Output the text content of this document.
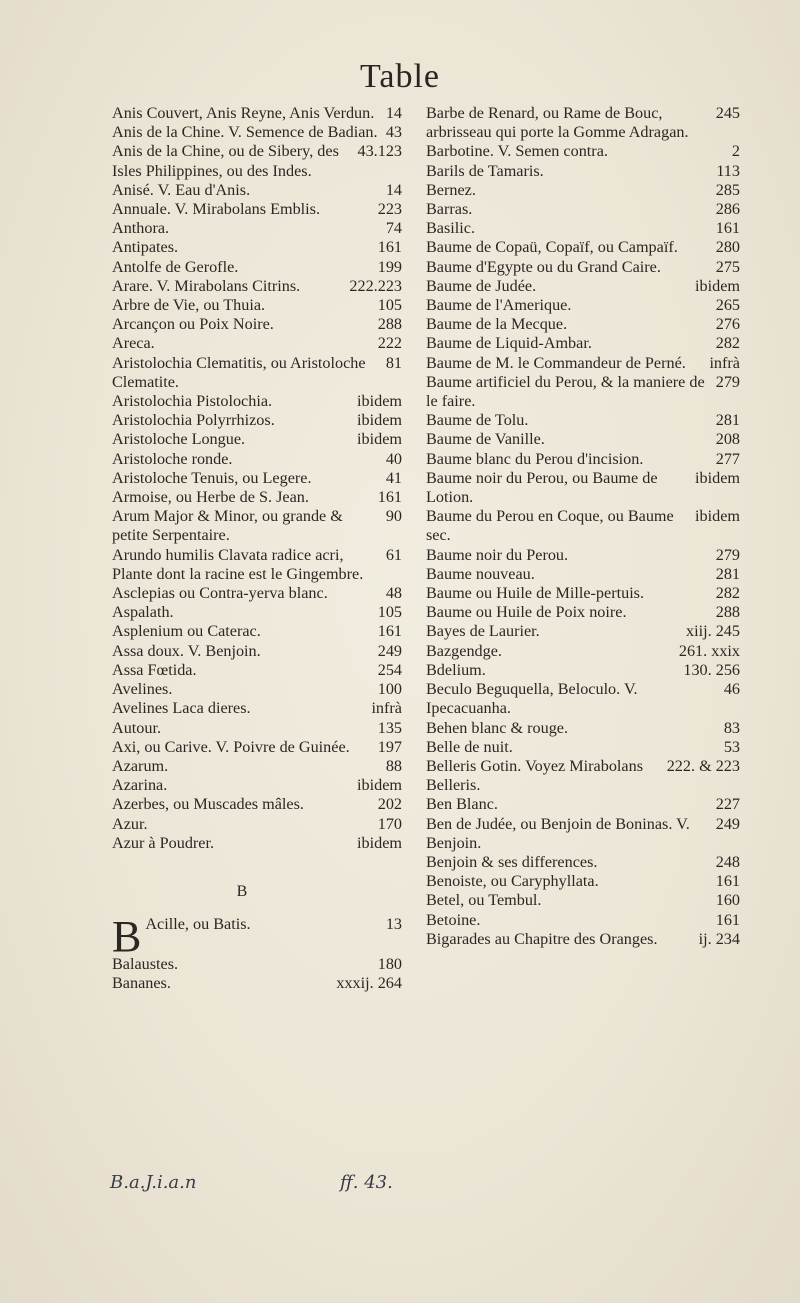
Table

14
Anis Couvert, Anis Reyne, Anis Verdun.

43
Anis de la Chine. V. Semence de Badian.

43.123
Anis de la Chine, ou de Sibery, des Isles Philippines, ou des Indes.

14
Anisé. V. Eau d'Anis.

223
Annuale. V. Mirabolans Emblis.

74
Anthora.

161
Antipates.

199
Antolfe de Gerofle.

222.223
Arare. V. Mirabolans Citrins.

105
Arbre de Vie, ou Thuia.

288
Arcançon ou Poix Noire.

222
Areca.

81
Aristolochia Clematitis, ou Aristoloche Clematite.

ibidem
Aristolochia Pistolochia.

ibidem
Aristolochia Polyrrhizos.

ibidem
Aristoloche Longue.

40
Aristoloche ronde.

41
Aristoloche Tenuis, ou Legere.

161
Armoise, ou Herbe de S. Jean.

90
Arum Major & Minor, ou grande & petite Serpentaire.

61
Arundo humilis Clavata radice acri, Plante dont la racine est le Gingembre.

48
Asclepias ou Contra-yerva blanc.

105
Aspalath.

161
Asplenium ou Caterac.

249
Assa doux. V. Benjoin.

254
Assa Fœtida.

100
Avelines.

infrà
Avelines Laca dieres.

135
Autour.

197
Axi, ou Carive. V. Poivre de Guinée.

88
Azarum.

ibidem
Azarina.

202
Azerbes, ou Muscades mâles.

170
Azur.

ibidem
Azur à Poudrer.

B

B	13
Acille, ou Batis.

180
Balaustes.

xxxij. 264
Bananes.

245
Barbe de Renard, ou Rame de Bouc, arbrisseau qui porte la Gomme Adragan.

2
Barbotine. V. Semen contra.

113
Barils de Tamaris.

285
Bernez.

286
Barras.

161
Basilic.

280
Baume de Copaü, Copaïf, ou Campaïf.

275
Baume d'Egypte ou du Grand Caire.

ibidem
Baume de Judée.

265
Baume de l'Amerique.

276
Baume de la Mecque.

282
Baume de Liquid-Ambar.

infrà
Baume de M. le Commandeur de Perné.

279
Baume artificiel du Perou, & la maniere de le faire.

281
Baume de Tolu.

208
Baume de Vanille.

277
Baume blanc du Perou d'incision.

ibidem
Baume noir du Perou, ou Baume de Lotion.

ibidem
Baume du Perou en Coque, ou Baume sec.

279
Baume noir du Perou.

281
Baume nouveau.

282
Baume ou Huile de Mille-pertuis.

288
Baume ou Huile de Poix noire.

xiij. 245
Bayes de Laurier.

261. xxix
Bazgendge.

130. 256
Bdelium.

46
Beculo Beguquella, Beloculo. V. Ipecacuanha.

83
Behen blanc & rouge.

53
Belle de nuit.

222. & 223
Belleris Gotin. Voyez Mirabolans Belleris.

227
Ben Blanc.

249
Ben de Judée, ou Benjoin de Boninas. V. Benjoin.

248
Benjoin & ses differences.

161
Benoiste, ou Caryphyllata.

160
Betel, ou Tembul.

161
Betoine.

ij. 234
Bigarades au Chapitre des Oranges.

B.a.J.i.a.n	ff. 43.
